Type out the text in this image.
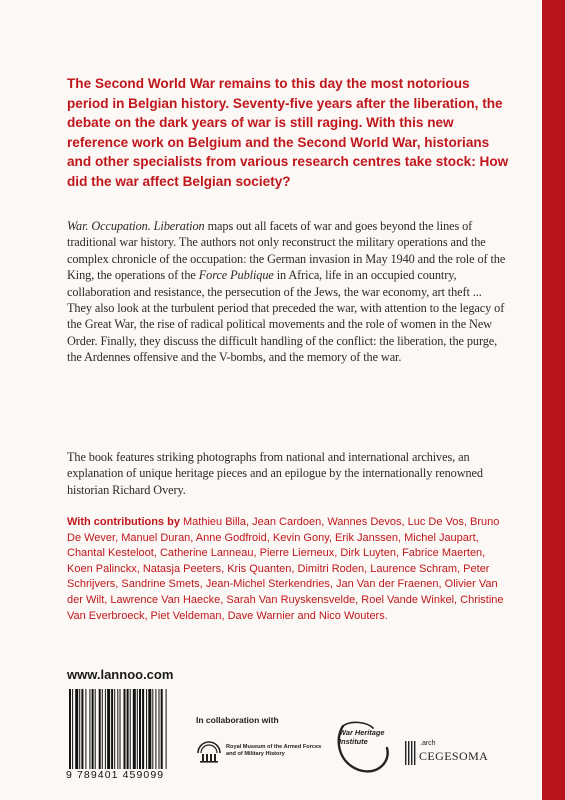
The Second World War remains to this day the most notorious period in Belgian history. Seventy-five years after the liberation, the debate on the dark years of war is still raging. With this new reference work on Belgium and the Second World War, historians and other specialists from various research centres take stock: How did the war affect Belgian society?

War. Occupation. Liberation maps out all facets of war and goes beyond the lines of traditional war history. The authors not only reconstruct the military operations and the complex chronicle of the occupation: the German invasion in May 1940 and the role of the King, the operations of the Force Publique in Africa, life in an occupied country, collaboration and resistance, the persecution of the Jews, the war economy, art theft ... They also look at the turbulent period that preceded the war, with attention to the legacy of the Great War, the rise of radical political movements and the role of women in the New Order. Finally, they discuss the difficult handling of the conflict: the liberation, the purge, the Ardennes offensive and the V-bombs, and the memory of the war.

The book features striking photographs from national and international archives, an explanation of unique heritage pieces and an epilogue by the internationally renowned historian Richard Overy.

With contributions by Mathieu Billa, Jean Cardoen, Wannes Devos, Luc De Vos, Bruno De Wever, Manuel Duran, Anne Godfroid, Kevin Gony, Erik Janssen, Michel Jaupart, Chantal Kesteloot, Catherine Lanneau, Pierre Lierneux, Dirk Luyten, Fabrice Maerten, Koen Palinckx, Natasja Peeters, Kris Quanten, Dimitri Roden, Laurence Schram, Peter Schrijvers, Sandrine Smets, Jean-Michel Sterkendries, Jan Van der Fraenen, Olivier Van der Wilt, Lawrence Van Haecke, Sarah Van Ruyskensvelde, Roel Vande Winkel, Christine Van Everbroeck, Piet Veldeman, Dave Warnier and Nico Wouters.

www.lannoo.com

9 789401 459099
In collaboration with
Royal Museum of the Armed Forces and of Military History
War Heritage Institute	.arch
CEGESOMA
